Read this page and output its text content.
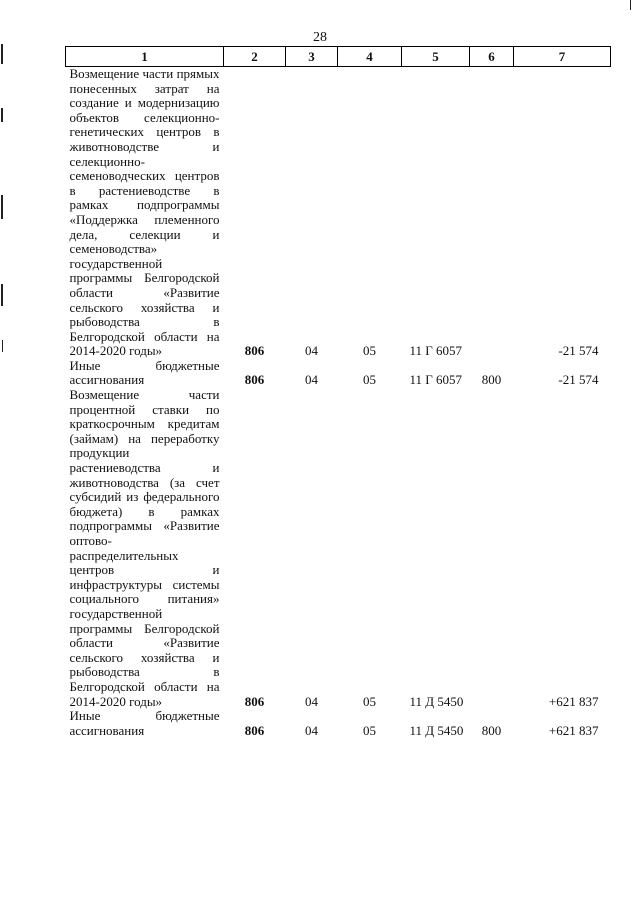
28
1	2	3	4	5	6	7
Возмещение части прямых понесенных затрат на создание и модернизацию объектов селекционно-генетических центров в животноводстве и селекционно-семеноводческих центров в растениеводстве в рамках подпрограммы «Поддержка племенного дела, селекции и семеноводства» государственной программы Белгородской области «Развитие сельского хозяйства и рыбоводства в Белгородской области на 2014-2020 годы»	806	04	05	11 Г 6057		-21 574
Иные бюджетные ассигнования	806	04	05	11 Г 6057	800	-21 574
Возмещение части процентной ставки по краткосрочным кредитам (займам) на переработку продукции растениеводства и животноводства (за счет субсидий из федерального бюджета) в рамках подпрограммы «Развитие оптово-распределительных центров и инфраструктуры системы социального питания» государственной программы Белгородской области «Развитие сельского хозяйства и рыбоводства в Белгородской области на 2014-2020 годы»	806	04	05	11 Д 5450		+621 837
Иные бюджетные ассигнования	806	04	05	11 Д 5450	800	+621 837
